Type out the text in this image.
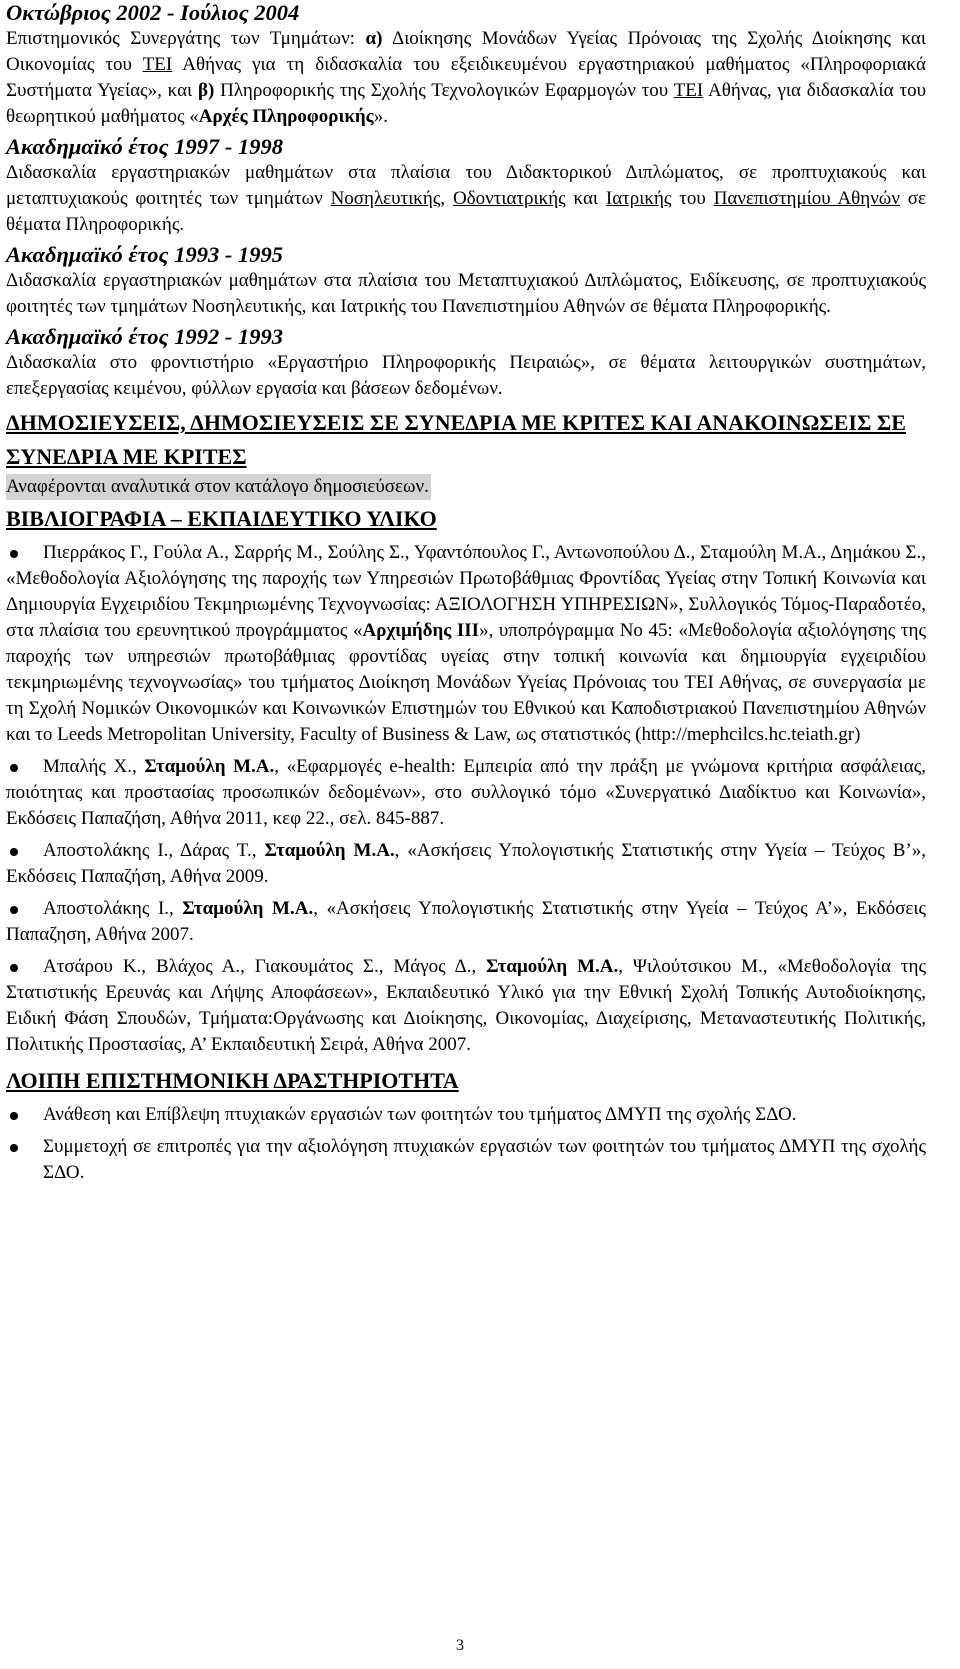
Οκτώβριος 2002 - Ιούλιος 2004

Επιστημονικός Συνεργάτης των Τμημάτων: α) Διοίκησης Μονάδων Υγείας Πρόνοιας της Σχολής Διοίκησης και Οικονομίας του ΤΕΙ Αθήνας για τη διδασκαλία του εξειδικευμένου εργαστηριακού μαθήματος «Πληροφοριακά Συστήματα Υγείας», και β) Πληροφορικής της Σχολής Τεχνολογικών Εφαρμογών του ΤΕΙ Αθήνας, για διδασκαλία του θεωρητικού μαθήματος «Αρχές Πληροφορικής».

Ακαδημαϊκό έτος 1997 - 1998

Διδασκαλία εργαστηριακών μαθημάτων στα πλαίσια του Διδακτορικού Διπλώματος, σε προπτυχιακούς και μεταπτυχιακούς φοιτητές των τμημάτων Νοσηλευτικής, Οδοντιατρικής και Ιατρικής του Πανεπιστημίου Αθηνών σε θέματα Πληροφορικής.

Ακαδημαϊκό έτος 1993 - 1995

Διδασκαλία εργαστηριακών μαθημάτων στα πλαίσια του Μεταπτυχιακού Διπλώματος, Ειδίκευσης, σε προπτυχιακούς φοιτητές των τμημάτων Νοσηλευτικής, και Ιατρικής του Πανεπιστημίου Αθηνών σε θέματα Πληροφορικής.

Ακαδημαϊκό έτος 1992 - 1993

Διδασκαλία στο φροντιστήριο «Εργαστήριο Πληροφορικής Πειραιώς», σε θέματα λειτουργικών συστημάτων, επεξεργασίας κειμένου, φύλλων εργασία και βάσεων δεδομένων.

ΔΗΜΟΣΙΕΥΣΕΙΣ, ΔΗΜΟΣΙΕΥΣΕΙΣ ΣΕ ΣΥΝΕΔΡΙΑ ΜΕ ΚΡΙΤΕΣ ΚΑΙ ΑΝΑΚΟΙΝΩΣΕΙΣ ΣΕ ΣΥΝΕΔΡΙΑ ΜΕ ΚΡΙΤΕΣ

Αναφέρονται αναλυτικά στον κατάλογο δημοσιεύσεων.

ΒΙΒΛΙΟΓΡΑΦΙΑ – ΕΚΠΑΙΔΕΥΤΙΚΟ ΥΛΙΚΟ

Πιερράκος Γ., Γούλα Α., Σαρρής Μ., Σούλης Σ., Υφαντόπουλος Γ., Αντωνοπούλου Δ., Σταμούλη Μ.Α., Δημάκου Σ., «Μεθοδολογία Αξιολόγησης της παροχής των Υπηρεσιών Πρωτοβάθμιας Φροντίδας Υγείας στην Τοπική Κοινωνία και Δημιουργία Εγχειριδίου Τεκμηριωμένης Τεχνογνωσίας: ΑΞΙΟΛΟΓΗΣΗ ΥΠΗΡΕΣΙΩΝ», Συλλογικός Τόμος-Παραδοτέο, στα πλαίσια του ερευνητικού προγράμματος «Αρχιμήδης ΙΙΙ», υποπρόγραμμα Νο 45: «Μεθοδολογία αξιολόγησης της παροχής των υπηρεσιών πρωτοβάθμιας φροντίδας υγείας στην τοπική κοινωνία και δημιουργία εγχειριδίου τεκμηριωμένης τεχνογνωσίας» του τμήματος Διοίκηση Μονάδων Υγείας Πρόνοιας του ΤΕΙ Αθήνας, σε συνεργασία με τη Σχολή Νομικών Οικονομικών και Κοινωνικών Επιστημών του Εθνικού και Καποδιστριακού Πανεπιστημίου Αθηνών και το Leeds Metropolitan University, Faculty of Business & Law, ως στατιστικός (http://mephcilcs.hc.teiath.gr)
Μπαλής Χ., Σταμούλη Μ.Α., «Εφαρμογές e-health: Εμπειρία από την πράξη με γνώμονα κριτήρια ασφάλειας, ποιότητας και προστασίας προσωπικών δεδομένων», στο συλλογικό τόμο «Συνεργατικό Διαδίκτυο και Κοινωνία», Εκδόσεις Παπαζήση, Αθήνα 2011, κεφ 22., σελ. 845-887.
Αποστολάκης Ι., Δάρας Τ., Σταμούλη Μ.Α., «Ασκήσεις Υπολογιστικής Στατιστικής στην Υγεία – Τεύχος Β’», Εκδόσεις Παπαζήση, Αθήνα 2009.
Αποστολάκης Ι., Σταμούλη Μ.Α., «Ασκήσεις Υπολογιστικής Στατιστικής στην Υγεία – Τεύχος Α’», Εκδόσεις Παπαζηση, Αθήνα 2007.
Ατσάρου Κ., Βλάχος Α., Γιακουμάτος Σ., Μάγος Δ., Σταμούλη Μ.Α., Ψιλούτσικου Μ., «Μεθοδολογία της Στατιστικής Ερευνάς και Λήψης Αποφάσεων», Εκπαιδευτικό Υλικό για την Εθνική Σχολή Τοπικής Αυτοδιοίκησης, Ειδική Φάση Σπουδών, Τμήματα:Οργάνωσης και Διοίκησης, Οικονομίας, Διαχείρισης, Μεταναστευτικής Πολιτικής, Πολιτικής Προστασίας, Α’ Εκπαιδευτική Σειρά, Αθήνα 2007.

ΛΟΙΠΗ ΕΠΙΣΤΗΜΟΝΙΚΗ ΔΡΑΣΤΗΡΙΟΤΗΤΑ

Ανάθεση και Επίβλεψη πτυχιακών εργασιών των φοιτητών του τμήματος ΔΜΥΠ της σχολής ΣΔΟ.
Συμμετοχή σε επιτροπές για την αξιολόγηση πτυχιακών εργασιών των φοιτητών του τμήματος ΔΜΥΠ της σχολής ΣΔΟ.
3
